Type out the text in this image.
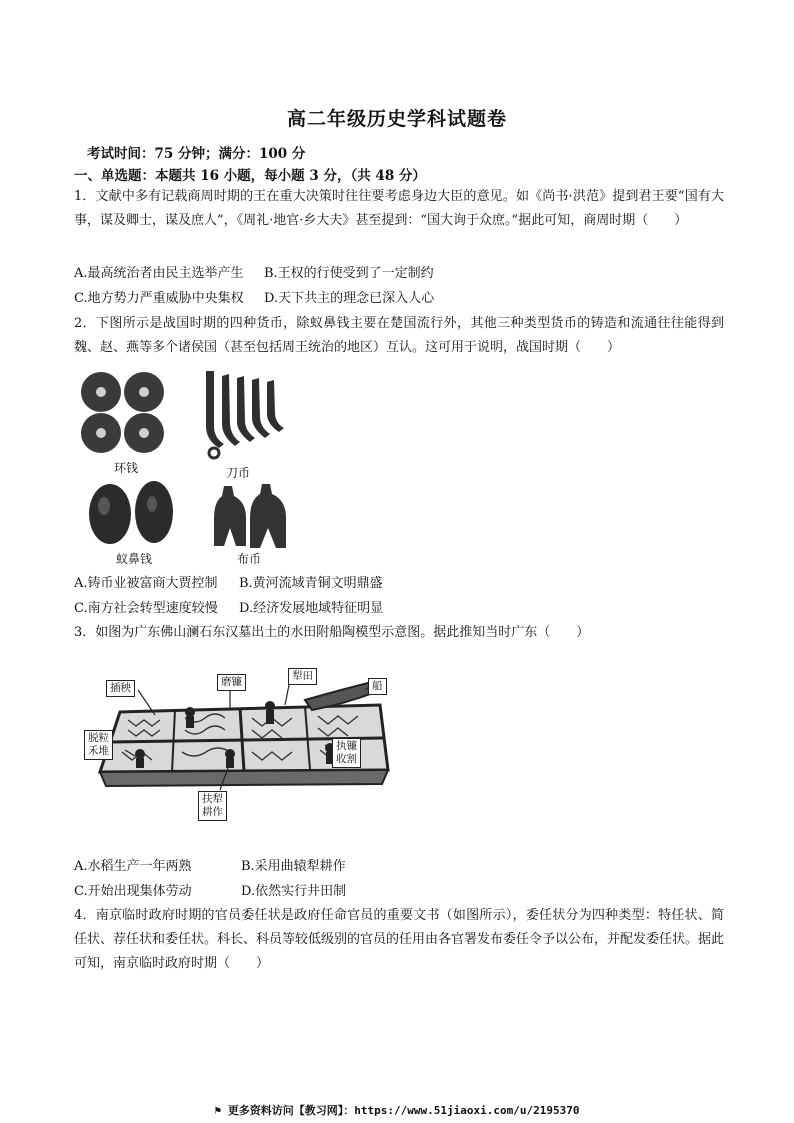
高二年级历史学科试题卷
考试时间：75 分钟；满分：100 分
一、单选题：本题共 16 小题，每小题 3 分，（共 48 分）

1．文献中多有记载商周时期的王在重大决策时往往要考虑身边大臣的意见。如《尚书·洪范》提到君王要“国有大事，谋及卿士，谋及庶人”，《周礼·地官·乡大夫》甚至提到：“国大询于众庶。”据此可知，商周时期（　　）

A.最高统治者由民主选举产生 B.王权的行使受到了一定制约
C.地方势力严重威胁中央集权 D.天下共主的理念已深入人心

2．下图所示是战国时期的四种货币，除蚁鼻钱主要在楚国流行外，其他三种类型货币的铸造和流通往往能得到魏、赵、燕等多个诸侯国（甚至包括周王统治的地区）互认。这可用于说明，战国时期（　　）

环钱	刀币
蚁鼻钱	布币
A.铸币业被富商大贾控制 B.黄河流域青铜文明鼎盛
C.南方社会转型速度较慢 D.经济发展地域特征明显

3．如图为广东佛山澜石东汉墓出土的水田附船陶模型示意图。据此推知当时广东（　　）

插秧	磨镰	犁田
船
脱粒
禾堆	执镰
收割
扶犁
耕作
A.水稻生产一年两熟	B.采用曲辕犁耕作
C.开始出现集体劳动	D.依然实行井田制

4．南京临时政府时期的官员委任状是政府任命官员的重要文书（如图所示），委任状分为四种类型：特任状、简任状、荐任状和委任状。科长、科员等较低级别的官员的任用由各官署发布委任令予以公布，并配发委任状。据此可知，南京临时政府时期（　　）

⚑ 更多资料访问【教习网】：https://www.51jiaoxi.com/u/2195370
